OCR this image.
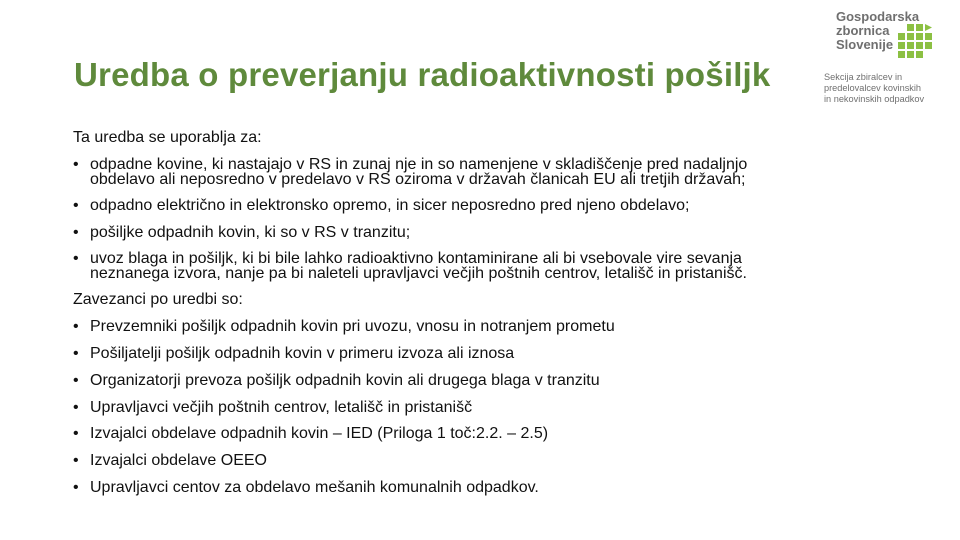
Uredba o preverjanju radioaktivnosti pošiljk
Gospodarska
zbornica
Slovenije
Sekcija zbiralcev in
predelovalcev kovinskih
in nekovinskih odpadkov
Ta uredba se uporablja za:
• odpadne kovine, ki nastajajo v RS in zunaj nje in so namenjene v skladiščenje pred nadaljnjo
obdelavo ali neposredno v predelavo v RS oziroma v državah članicah EU ali tretjih državah;
• odpadno električno in elektronsko opremo, in sicer neposredno pred njeno obdelavo;
• pošiljke odpadnih kovin, ki so v RS v tranzitu;
• uvoz blaga in pošiljk, ki bi bile lahko radioaktivno kontaminirane ali bi vsebovale vire sevanja
neznanega izvora, nanje pa bi naleteli upravljavci večjih poštnih centrov, letališč in pristanišč.
Zavezanci po uredbi so:
• Prevzemniki pošiljk odpadnih kovin pri uvozu, vnosu in notranjem prometu
• Pošiljatelji pošiljk odpadnih kovin v primeru izvoza ali iznosa
• Organizatorji prevoza pošiljk odpadnih kovin ali drugega blaga v tranzitu
• Upravljavci večjih poštnih centrov, letališč in pristanišč
• Izvajalci obdelave odpadnih kovin – IED (Priloga 1 toč:2.2. – 2.5)
• Izvajalci obdelave OEEO
• Upravljavci centov za obdelavo mešanih komunalnih odpadkov.
